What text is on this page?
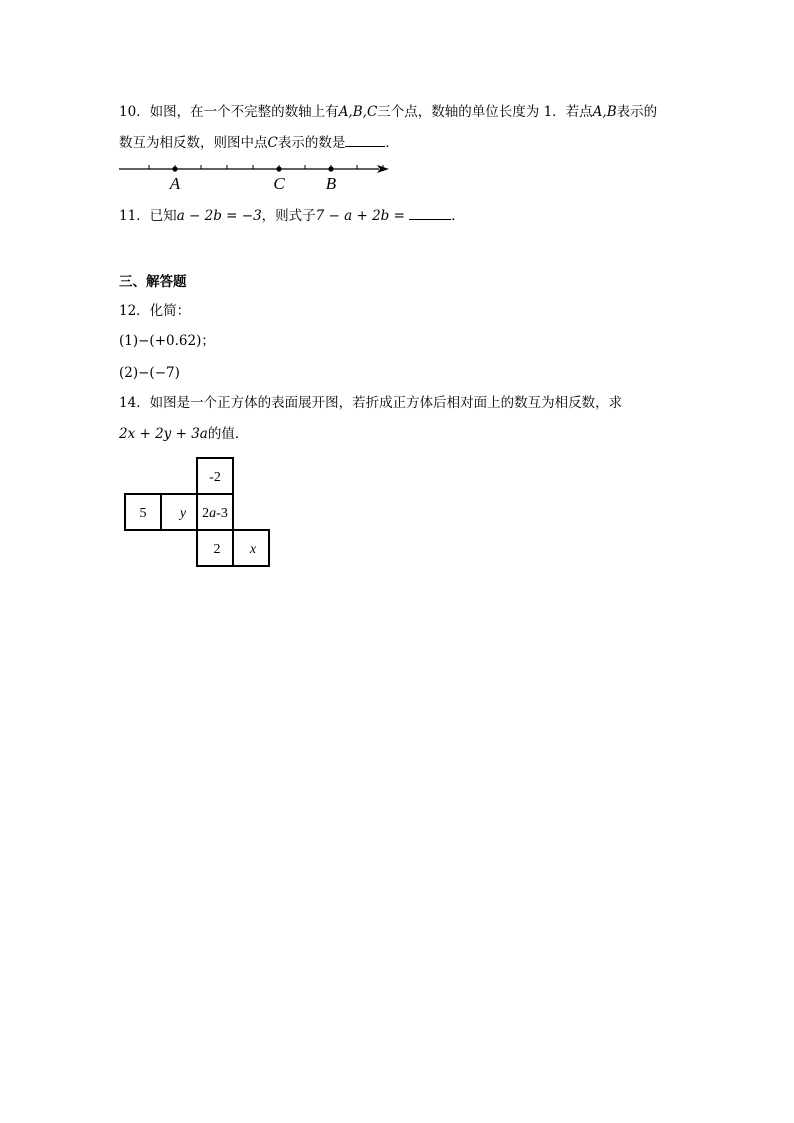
10．如图，在一个不完整的数轴上有A,B,C三个点，数轴的单位长度为 1．若点A,B表示的
数互为相反数，则图中点C表示的数是	．
A	C B
11．已知a − 2b = −3，则式子7 − a + 2b =	．
三、解答题
12．化简：
(1)−(+0.62)；
(2)−(−7)
14．如图是一个正方体的表面展开图，若折成正方体后相对面上的数互为相反数，求
2x + 2y + 3a的值．
-2
5 y 2a-3
2 x
